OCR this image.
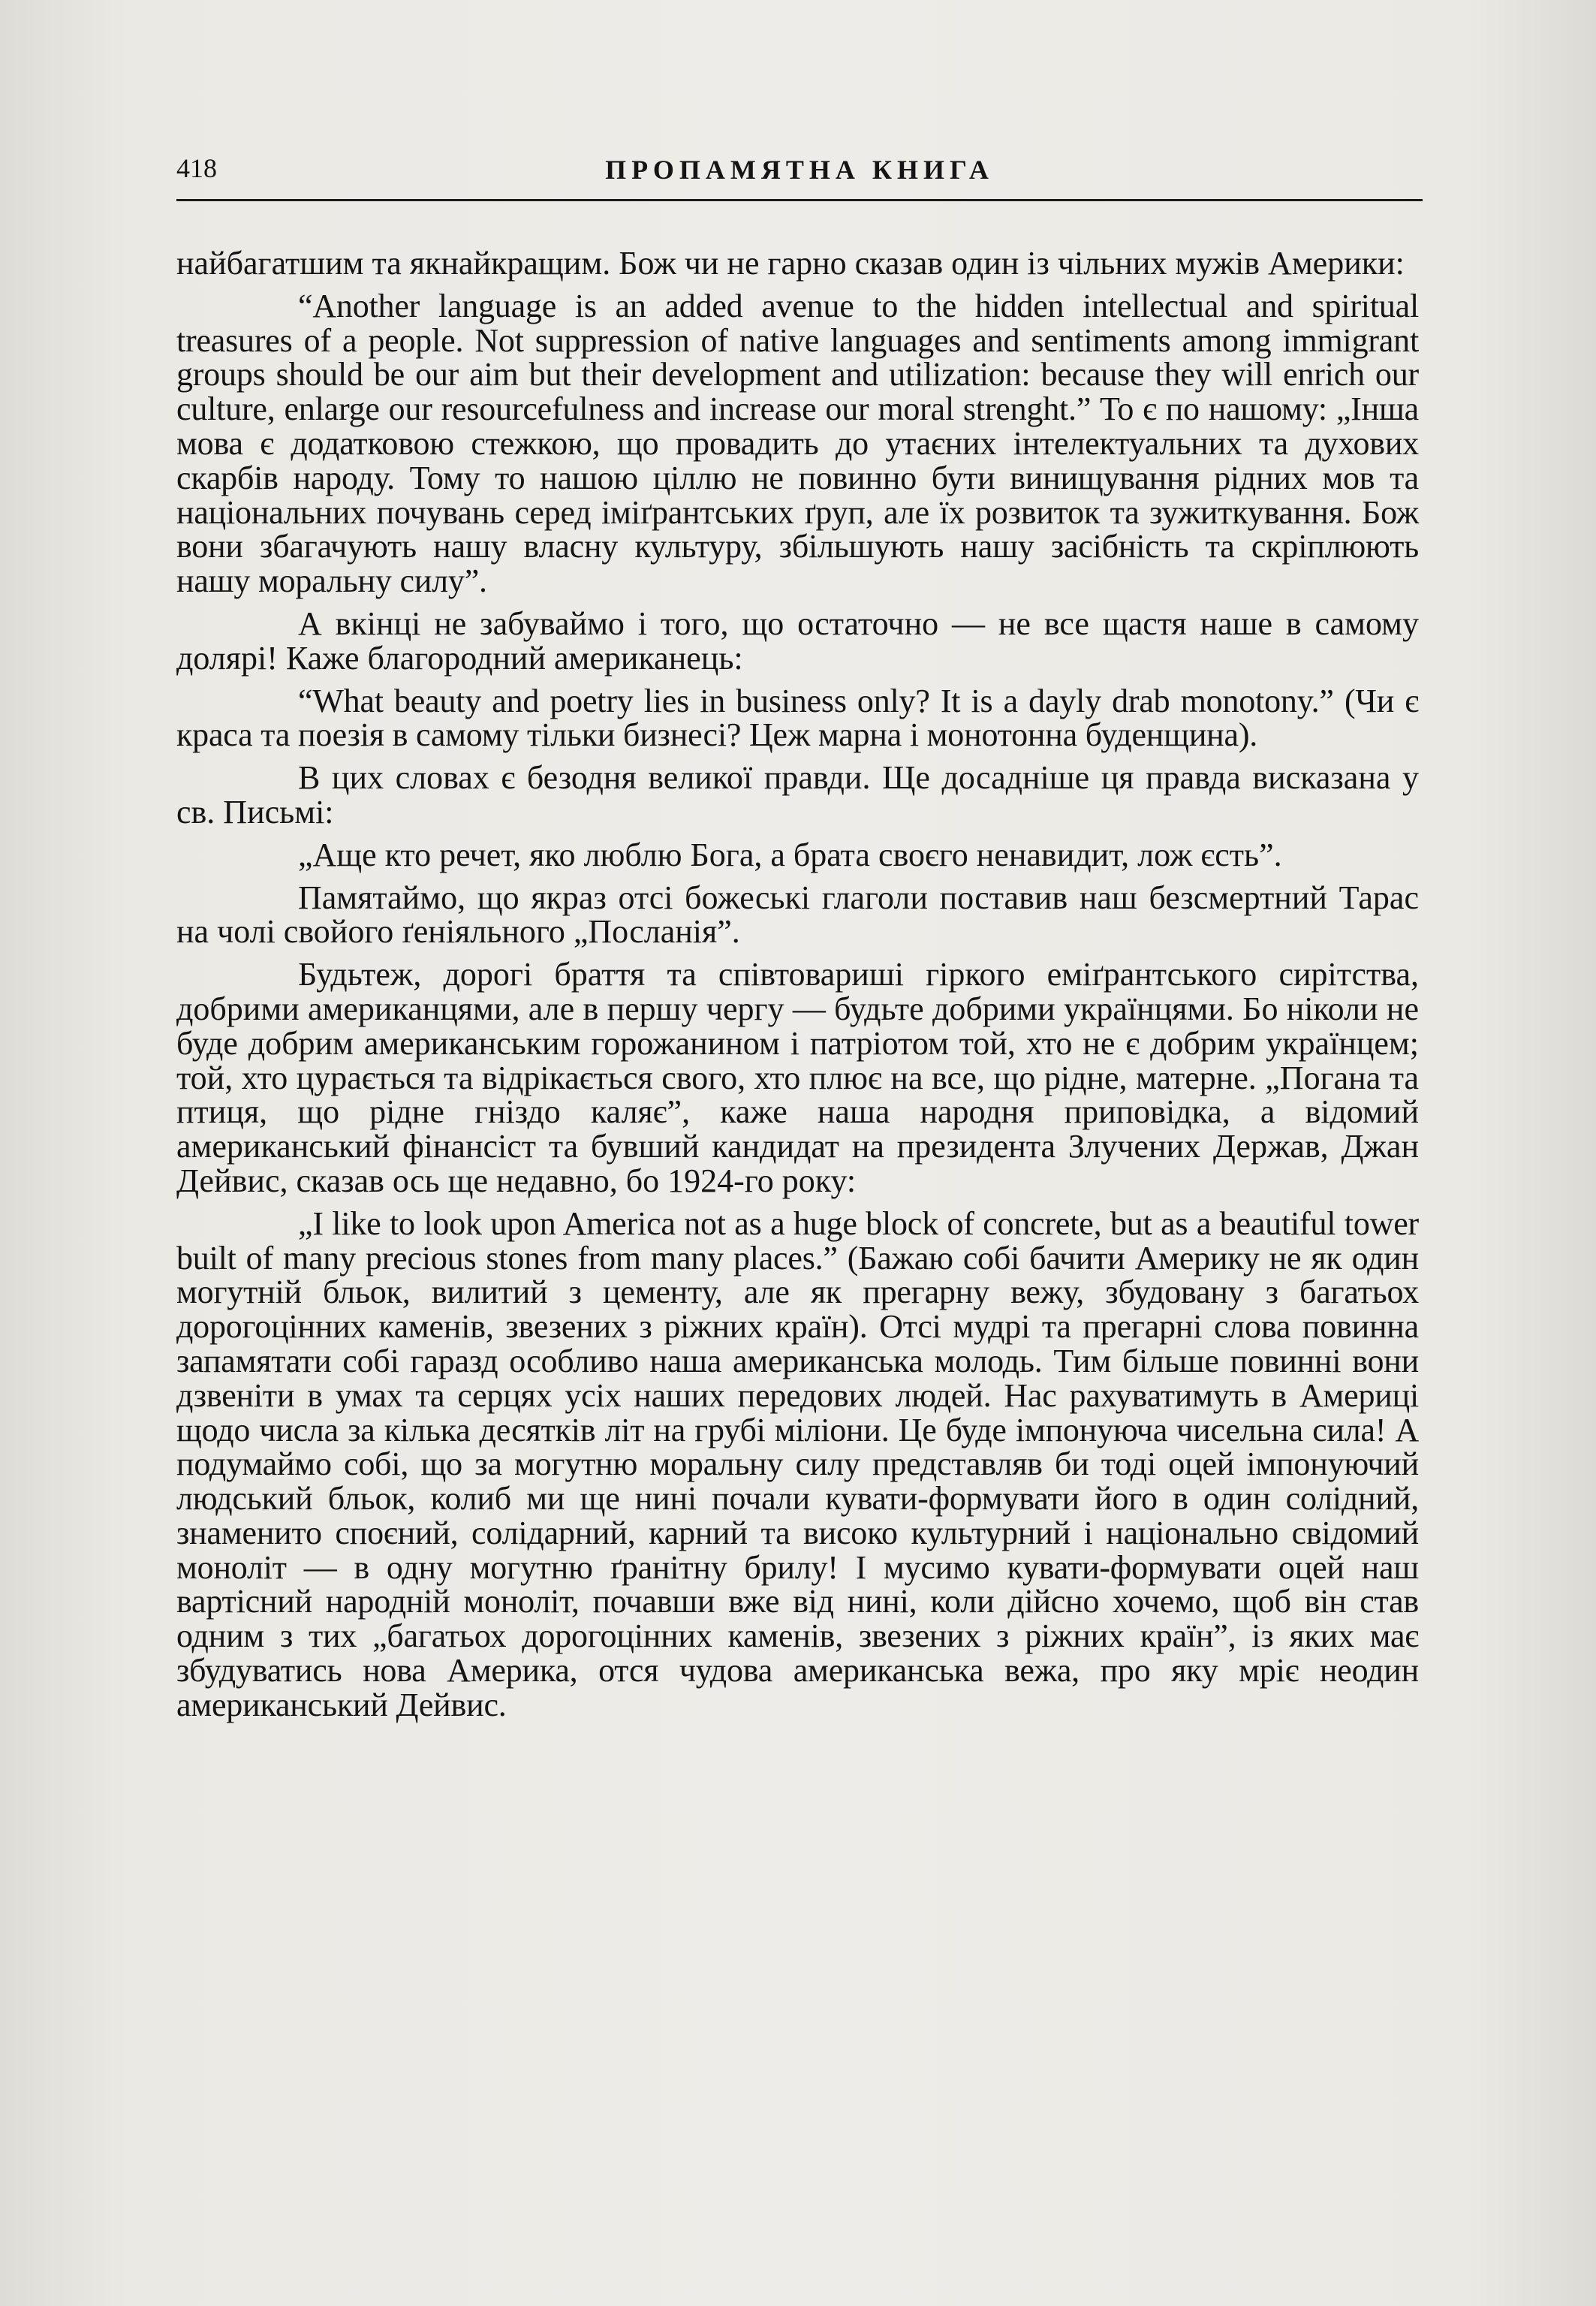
418	ПРОПАМЯТНА КНИГА

найбагатшим та якнайкращим. Бож чи не гарно сказав один із чільних мужів Америки:

“Another language is an added avenue to the hidden intellectual and spiritual treasures of a people. Not suppression of native languages and sentiments among immigrant groups should be our aim but their development and utilization: because they will enrich our culture, enlarge our resourcefulness and increase our moral strenght.” То є по нашому: „Інша мова є додатковою стежкою, що провадить до утаєних інтелектуальних та духових скарбів народу. Тому то нашою ціллю не повинно бути винищування рідних мов та національних почувань серед іміґрантських ґруп, але їх розвиток та зужиткування. Бож вони збагачують нашу власну культуру, збільшують нашу засібність та скріплюють нашу моральну силу”.

А вкінці не забуваймо і того, що остаточно — не все щастя наше в самому долярі! Каже благородний американець:

“What beauty and poetry lies in business only? It is a dayly drab monotony.” (Чи є краса та поезія в самому тільки бизнесі? Цеж марна і монотонна буденщина).

В цих словах є безодня великої правди. Ще досадніше ця правда висказана у св. Письмі:

„Аще кто речет, яко люблю Бога, а брата своєго ненавидит, лож єсть”.

Памятаймо, що якраз отсі божеські глаголи поставив наш безсмертний Тарас на чолі свойого ґеніяльного „Посланія”.

Будьтеж, дорогі браття та співтовариші гіркого еміґрантського сирітства, добрими американцями, але в першу чергу — будьте добрими українцями. Бо ніколи не буде добрим американським горожанином і патріотом той, хто не є добрим українцем; той, хто цурається та відрікається свого, хто плює на все, що рідне, матерне. „Погана та птиця, що рідне гніздо каляє”, каже наша народня приповідка, а відомий американський фінансіст та бувший кандидат на президента Злучених Держав, Джан Дейвис, сказав ось ще недавно, бо 1924-го року:

„I like to look upon America not as a huge block of concrete, but as a beautiful tower built of many precious stones from many places.” (Бажаю собі бачити Америку не як один могутній бльок, вилитий з цементу, але як прегарну вежу, збудовану з багатьох дорогоцінних каменів, звезених з ріжних країн). Отсі мудрі та прегарні слова повинна запамятати собі гаразд особливо наша американська молодь. Тим більше повинні вони дзвеніти в умах та серцях усіх наших передових людей. Нас рахуватимуть в Америці щодо числа за кілька десятків літ на грубі міліони. Це буде імпонуюча чисельна сила! А подумаймо собі, що за могутню моральну силу представляв би тоді оцей імпонуючий людський бльок, колиб ми ще нині почали кувати-формувати його в один солідний, знаменито споєний, солідарний, карний та високо культурний і національно свідомий моноліт — в одну могутню ґранітну брилу! І мусимо кувати-формувати оцей наш вартісний народній моноліт, почавши вже від нині, коли дійсно хочемо, щоб він став одним з тих „багатьох дорогоцінних каменів, звезених з ріжних країн”, із яких має збудуватись нова Америка, отся чудова американська вежа, про яку мріє неодин американський Дейвис.
